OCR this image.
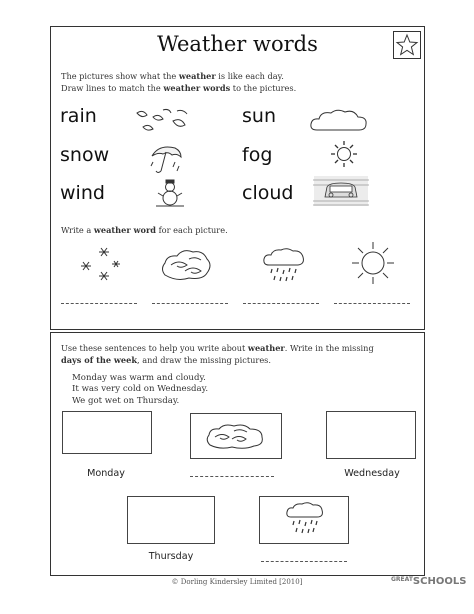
Weather words
The pictures show what the weather is like each day.
Draw lines to match the weather words to the pictures.
rain
snow
wind
sun
fog
cloud
Write a weather word for each picture.
Use these sentences to help you write about weather. Write in the missing
days of the week, and draw the missing pictures.
Monday was warm and cloudy.
It was very cold on Wednesday.
We got wet on Thursday.
Monday	Wednesday
Thursday
© Dorling Kindersley Limited [2010]	$^{GREAT}$SCHOOLS
